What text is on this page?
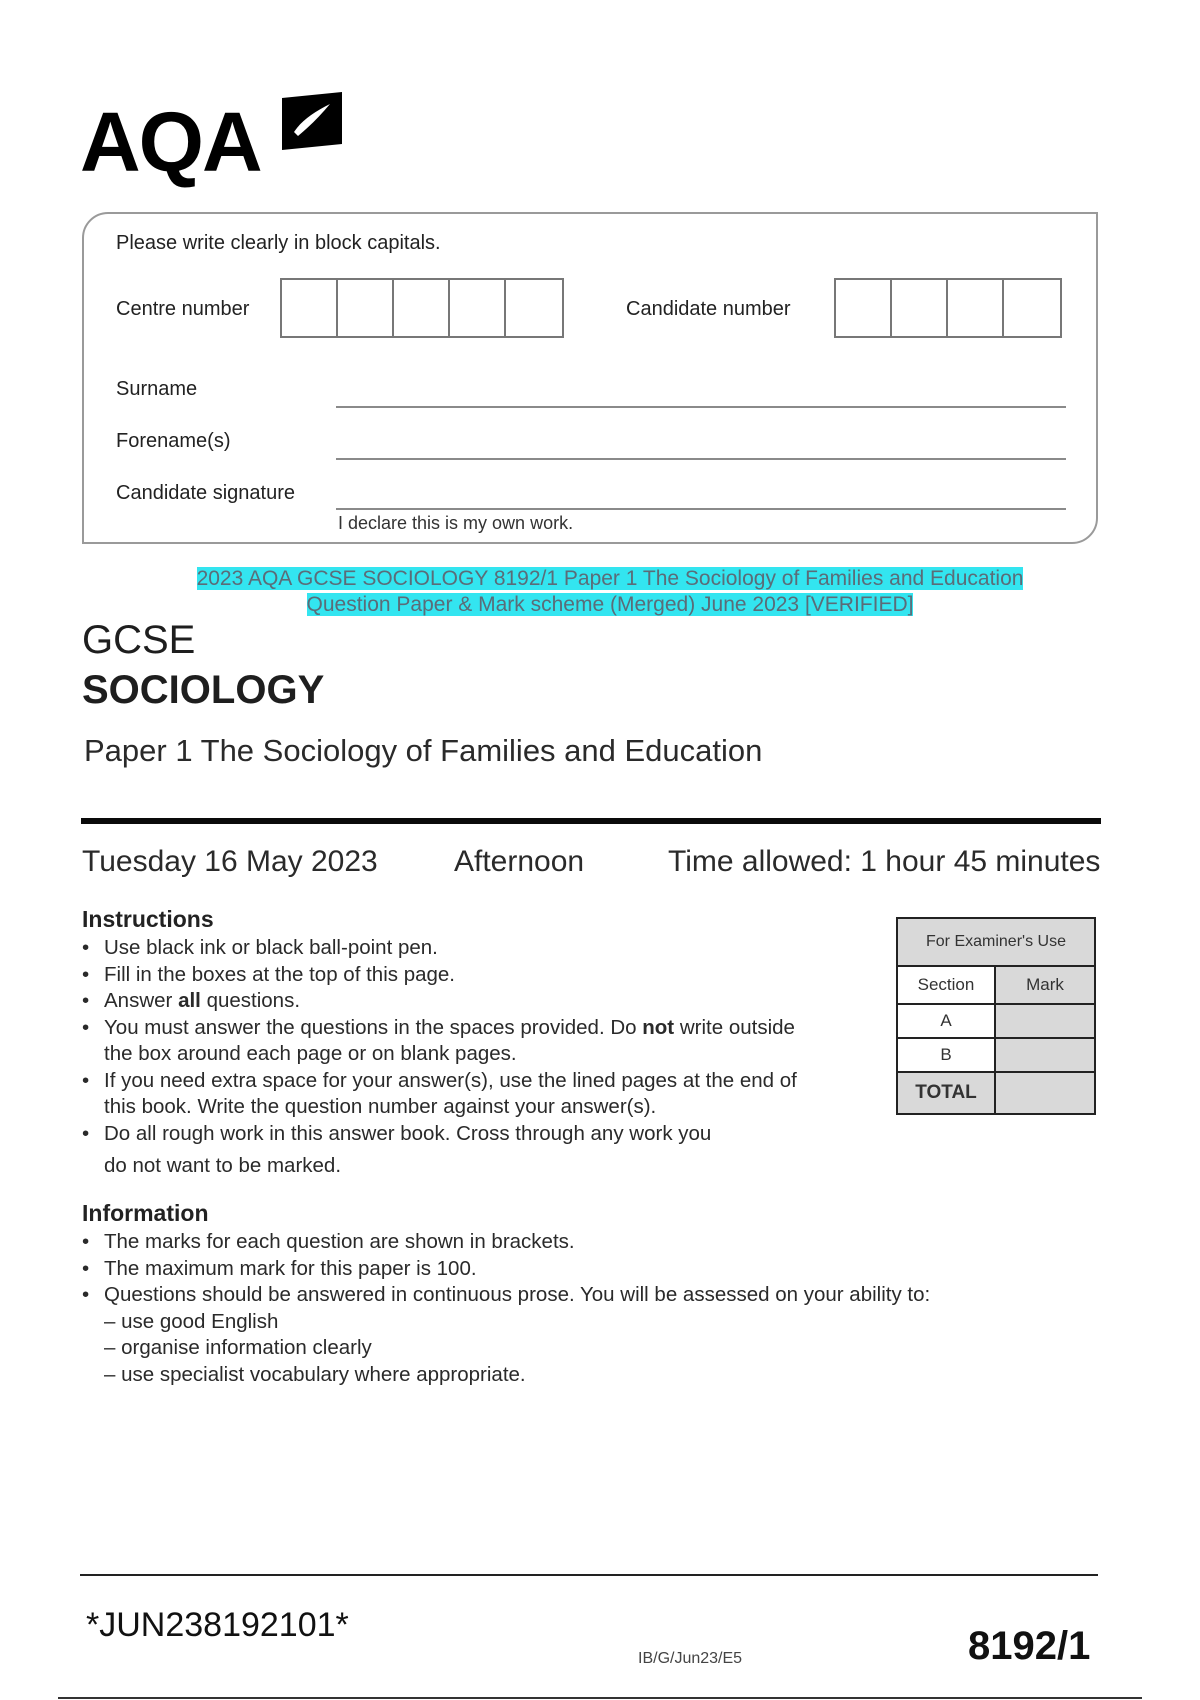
AQA
Please write clearly in block capitals.
Centre number	Candidate number
Surname
Forename(s)
Candidate signature
I declare this is my own work.
2023 AQA GCSE SOCIOLOGY 8192/1 Paper 1 The Sociology of Families and Education
Question Paper & Mark scheme (Merged) June 2023 [VERIFIED]
GCSE
SOCIOLOGY
Paper 1 The Sociology of Families and Education
Tuesday 16 May 2023	Afternoon	Time allowed: 1 hour 45 minutes
Instructions
• Use black ink or black ball-point pen.
• Fill in the boxes at the top of this page.
• Answer all questions.
• You must answer the questions in the spaces provided. Do not write outside
the box around each page or on blank pages.
• If you need extra space for your answer(s), use the lined pages at the end of
this book. Write the question number against your answer(s).
• Do all rough work in this answer book. Cross through any work you
do not want to be marked.
For Examiner's Use	
Section	Mark
A	
B	
TOTAL	
Information
• The marks for each question are shown in brackets.
• The maximum mark for this paper is 100.
• Questions should be answered in continuous prose. You will be assessed on your ability to:
– use good English
– organise information clearly
– use specialist vocabulary where appropriate.
*JUN238192101*
IB/G/Jun23/E5	8192/1
